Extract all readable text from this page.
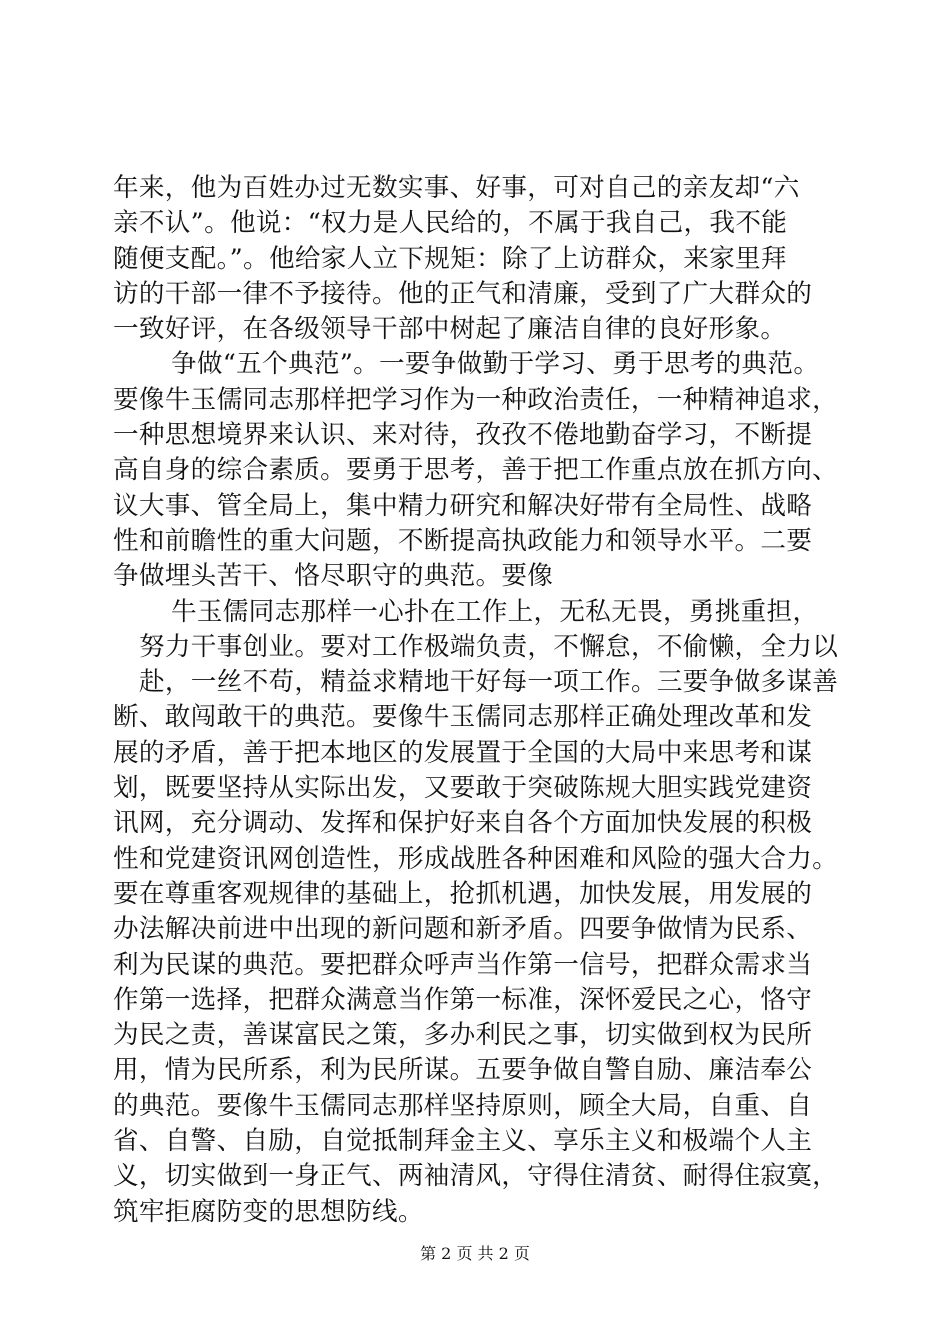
年来，他为百姓办过无数实事、好事，可对自己的亲友却“六
亲不认”。他说：“权力是人民给的，不属于我自己，我不能
随便支配。”。他给家人立下规矩：除了上访群众，来家里拜
访的干部一律不予接待。他的正气和清廉，受到了广大群众的
一致好评，在各级领导干部中树起了廉洁自律的良好形象。
争做“五个典范”。一要争做勤于学习、勇于思考的典范。
要像牛玉儒同志那样把学习作为一种政治责任，一种精神追求，
一种思想境界来认识、来对待，孜孜不倦地勤奋学习，不断提
高自身的综合素质。要勇于思考，善于把工作重点放在抓方向、
议大事、管全局上，集中精力研究和解决好带有全局性、战略
性和前瞻性的重大问题，不断提高执政能力和领导水平。二要
争做埋头苦干、恪尽职守的典范。要像
牛玉儒同志那样一心扑在工作上，无私无畏，勇挑重担，
努力干事创业。要对工作极端负责，不懈怠，不偷懒，全力以
赴，一丝不苟，精益求精地干好每一项工作。三要争做多谋善
断、敢闯敢干的典范。要像牛玉儒同志那样正确处理改革和发
展的矛盾，善于把本地区的发展置于全国的大局中来思考和谋
划，既要坚持从实际出发，又要敢于突破陈规大胆实践党建资
讯网，充分调动、发挥和保护好来自各个方面加快发展的积极
性和党建资讯网创造性，形成战胜各种困难和风险的强大合力。
要在尊重客观规律的基础上，抢抓机遇，加快发展，用发展的
办法解决前进中出现的新问题和新矛盾。四要争做情为民系、
利为民谋的典范。要把群众呼声当作第一信号，把群众需求当
作第一选择，把群众满意当作第一标准，深怀爱民之心，恪守
为民之责，善谋富民之策，多办利民之事，切实做到权为民所
用，情为民所系，利为民所谋。五要争做自警自励、廉洁奉公
的典范。要像牛玉儒同志那样坚持原则，顾全大局，自重、自
省、自警、自励，自觉抵制拜金主义、享乐主义和极端个人主
义，切实做到一身正气、两袖清风，守得住清贫、耐得住寂寞，
筑牢拒腐防变的思想防线。
第 2 页 共 2 页
